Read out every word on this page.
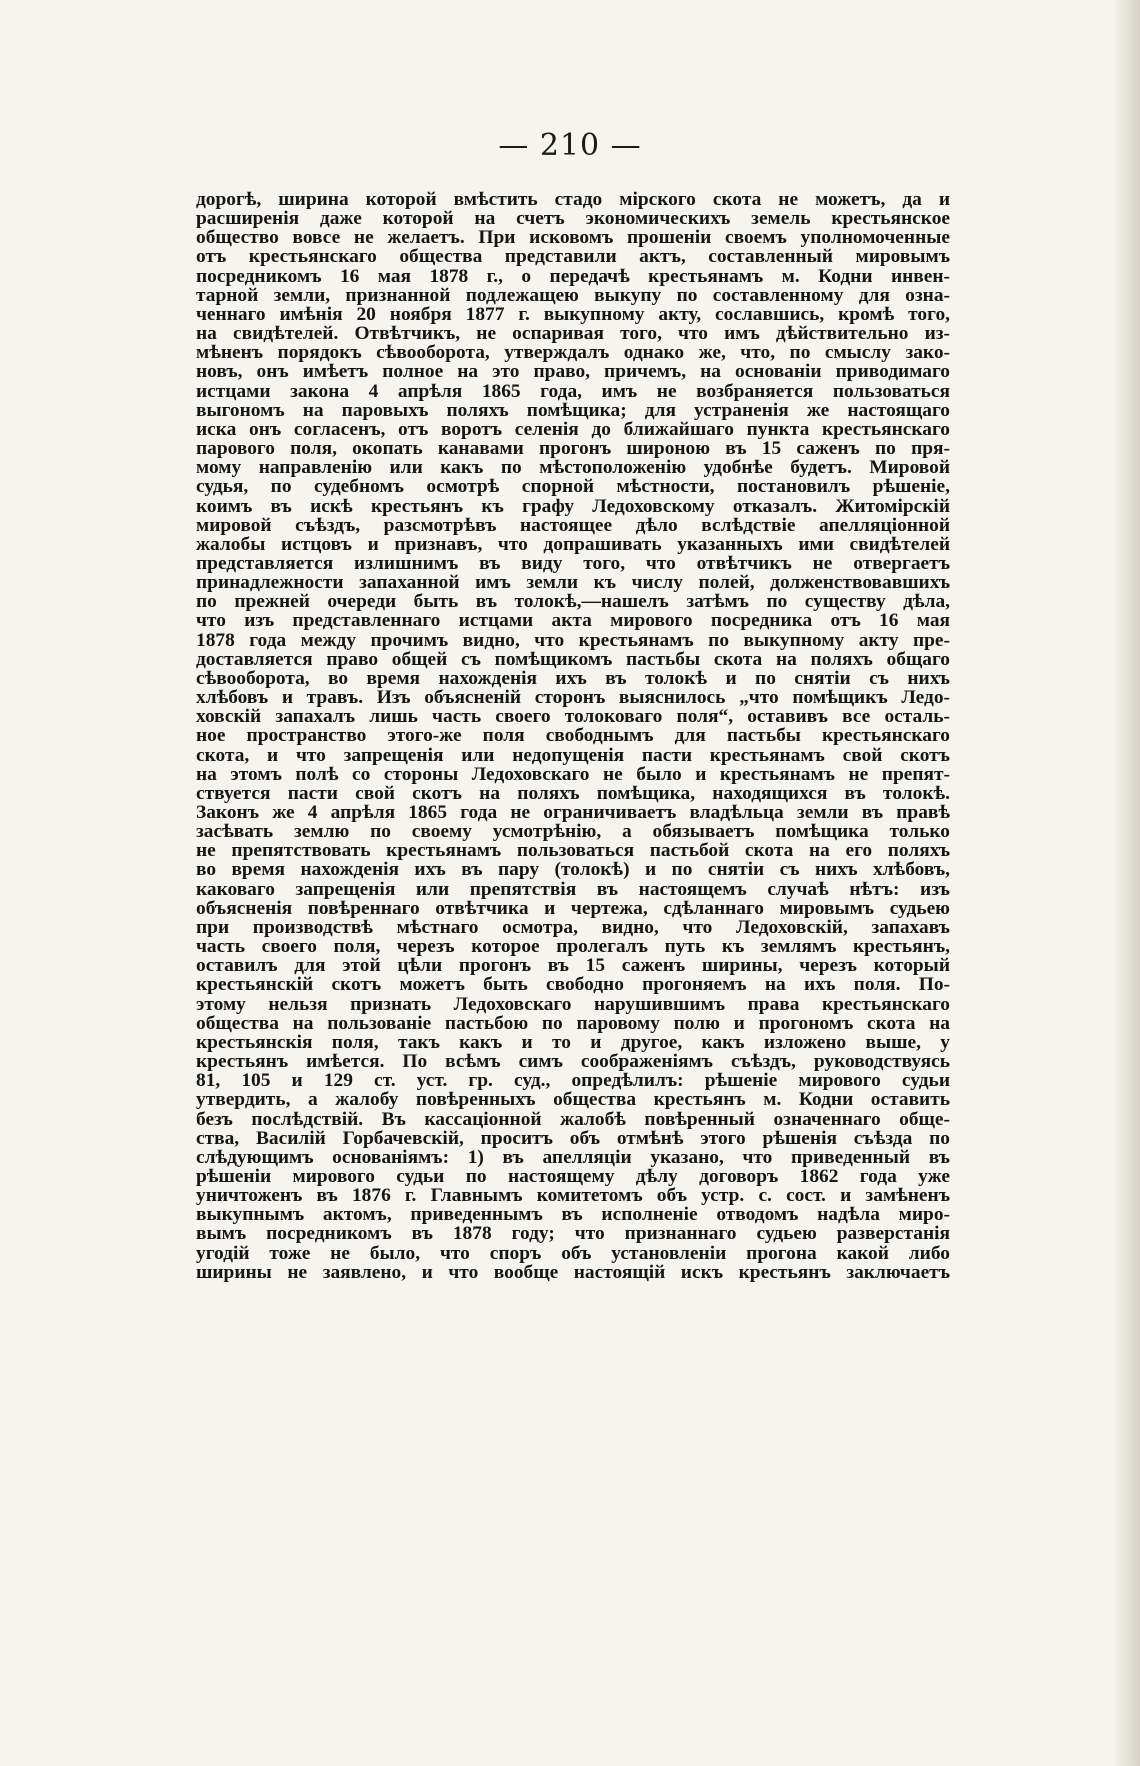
— 210 —
дорогѣ, ширина которой вмѣстить стадо мірского скота не можетъ, да и
расширенія даже которой на счетъ экономическихъ земель крестьянское
общество вовсе не желаетъ. При исковомъ прошеніи своемъ уполномоченные
отъ крестьянскаго общества представили актъ, составленный мировымъ
посредникомъ 16 мая 1878 г., о передачѣ крестьянамъ м. Кодни инвен-
тарной земли, признанной подлежащею выкупу по составленному для озна-
ченнаго имѣнія 20 ноября 1877 г. выкупному акту, сославшись, кромѣ того,
на свидѣтелей. Отвѣтчикъ, не оспаривая того, что имъ дѣйствительно из-
мѣненъ порядокъ сѣвооборота, утверждалъ однако же, что, по смыслу зако-
новъ, онъ имѣетъ полное на это право, причемъ, на основаніи приводимаго
истцами закона 4 апрѣля 1865 года, имъ не возбраняется пользоваться
выгономъ на паровыхъ поляхъ помѣщика; для устраненія же настоящаго
иска онъ согласенъ, отъ воротъ селенія до ближайшаго пункта крестьянскаго
парового поля, окопать канавами прогонъ широною въ 15 саженъ по пря-
мому направленію или какъ по мѣстоположенію удобнѣе будетъ. Мировой
судья, по судебномъ осмотрѣ спорной мѣстности, постановилъ рѣшеніе,
коимъ въ искѣ крестьянъ къ графу Ледоховскому отказалъ. Житомірскій
мировой съѣздъ, разсмотрѣвъ настоящее дѣло вслѣдствіе апелляціонной
жалобы истцовъ и признавъ, что допрашивать указанныхъ ими свидѣтелей
представляется излишнимъ въ виду того, что отвѣтчикъ не отвергаетъ
принадлежности запаханной имъ земли къ числу полей, долженствовавшихъ
по прежней очереди быть въ толокѣ,—нашелъ затѣмъ по существу дѣла,
что изъ представленнаго истцами акта мирового посредника отъ 16 мая
1878 года между прочимъ видно, что крестьянамъ по выкупному акту пре-
доставляется право общей съ помѣщикомъ пастьбы скота на поляхъ общаго
сѣвооборота, во время нахожденія ихъ въ толокѣ и по снятіи съ нихъ
хлѣбовъ и травъ. Изъ объясненій сторонъ выяснилось „что помѣщикъ Ледо-
ховскій запахалъ лишь часть своего толоковаго поля“, оставивъ все осталь-
ное пространство этого-же поля свободнымъ для пастьбы крестьянскаго
скота, и что запрещенія или недопущенія пасти крестьянамъ свой скотъ
на этомъ полѣ со стороны Ледоховскаго не было и крестьянамъ не препят-
ствуется пасти свой скотъ на поляхъ помѣщика, находящихся въ толокѣ.
Законъ же 4 апрѣля 1865 года не ограничиваетъ владѣльца земли въ правѣ
засѣвать землю по своему усмотрѣнію, а обязываетъ помѣщика только
не препятствовать крестьянамъ пользоваться пастьбой скота на его поляхъ
во время нахожденія ихъ въ пару (толокѣ) и по снятіи съ нихъ хлѣбовъ,
каковаго запрещенія или препятствія въ настоящемъ случаѣ нѣтъ: изъ
объясненія повѣреннаго отвѣтчика и чертежа, сдѣланнаго мировымъ судьею
при производствѣ мѣстнаго осмотра, видно, что Ледоховскій, запахавъ
часть своего поля, черезъ которое пролегалъ путь къ землямъ крестьянъ,
оставилъ для этой цѣли прогонъ въ 15 саженъ ширины, черезъ который
крестьянскій скотъ можетъ быть свободно прогоняемъ на ихъ поля. По-
этому нельзя признать Ледоховскаго нарушившимъ права крестьянскаго
общества на пользованіе пастьбою по паровому полю и прогономъ скота на
крестьянскія поля, такъ какъ и то и другое, какъ изложено выше, у
крестьянъ имѣется. По всѣмъ симъ соображеніямъ съѣздъ, руководствуясь
81, 105 и 129 ст. уст. гр. суд., опредѣлилъ: рѣшеніе мирового судьи
утвердить, а жалобу повѣренныхъ общества крестьянъ м. Кодни оставить
безъ послѣдствій. Въ кассаціонной жалобѣ повѣренный означеннаго обще-
ства, Василій Горбачевскій, проситъ объ отмѣнѣ этого рѣшенія съѣзда по
слѣдующимъ основаніямъ: 1) въ апелляціи указано, что приведенный въ
рѣшеніи мирового судьи по настоящему дѣлу договоръ 1862 года уже
уничтоженъ въ 1876 г. Главнымъ комитетомъ объ устр. с. сост. и замѣненъ
выкупнымъ актомъ, приведеннымъ въ исполненіе отводомъ надѣла миро-
вымъ посредникомъ въ 1878 году; что признаннаго судьею разверстанія
угодій тоже не было, что споръ объ установленіи прогона какой либо
ширины не заявлено, и что вообще настоящій искъ крестьянъ заключаетъ
